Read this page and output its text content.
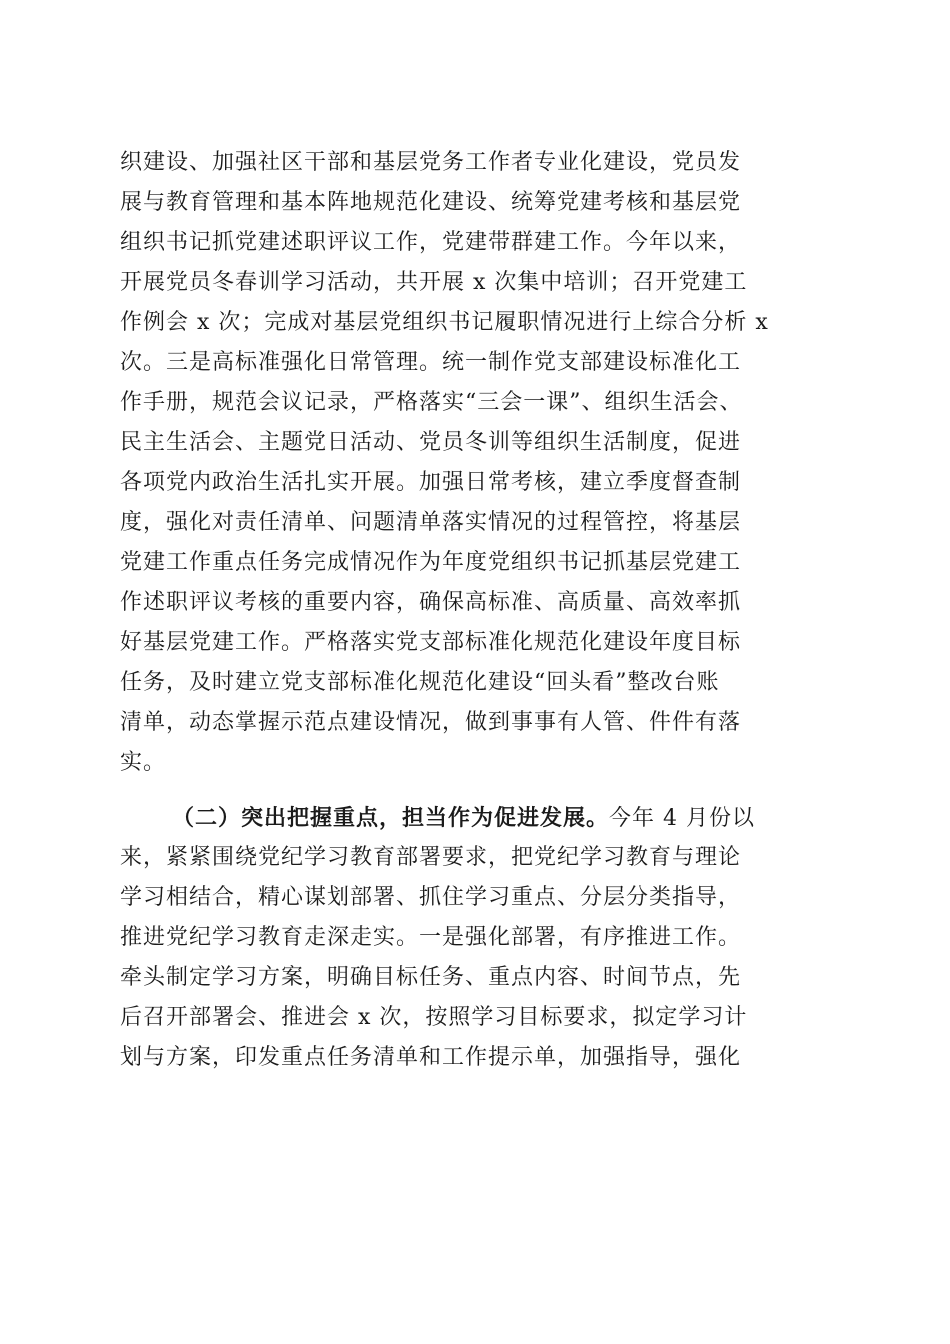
织建设、加强社区干部和基层党务工作者专业化建设，党员发
展与教育管理和基本阵地规范化建设、统筹党建考核和基层党
组织书记抓党建述职评议工作，党建带群建工作。今年以来，
开展党员冬春训学习活动，共开展 x 次集中培训；召开党建工
作例会 x 次；完成对基层党组织书记履职情况进行上综合分析 x
次。三是高标准强化日常管理。统一制作党支部建设标准化工
作手册，规范会议记录，严格落实“三会一课”、组织生活会、
民主生活会、主题党日活动、党员冬训等组织生活制度，促进
各项党内政治生活扎实开展。加强日常考核，建立季度督查制
度，强化对责任清单、问题清单落实情况的过程管控，将基层
党建工作重点任务完成情况作为年度党组织书记抓基层党建工
作述职评议考核的重要内容，确保高标准、高质量、高效率抓
好基层党建工作。严格落实党支部标准化规范化建设年度目标
任务，及时建立党支部标准化规范化建设“回头看”整改台账
清单，动态掌握示范点建设情况，做到事事有人管、件件有落
实。
（二）突出把握重点，担当作为促进发展。今年 4 月份以
来，紧紧围绕党纪学习教育部署要求，把党纪学习教育与理论
学习相结合，精心谋划部署、抓住学习重点、分层分类指导，
推进党纪学习教育走深走实。一是强化部署，有序推进工作。
牵头制定学习方案，明确目标任务、重点内容、时间节点，先
后召开部署会、推进会 x 次，按照学习目标要求，拟定学习计
划与方案，印发重点任务清单和工作提示单，加强指导，强化
